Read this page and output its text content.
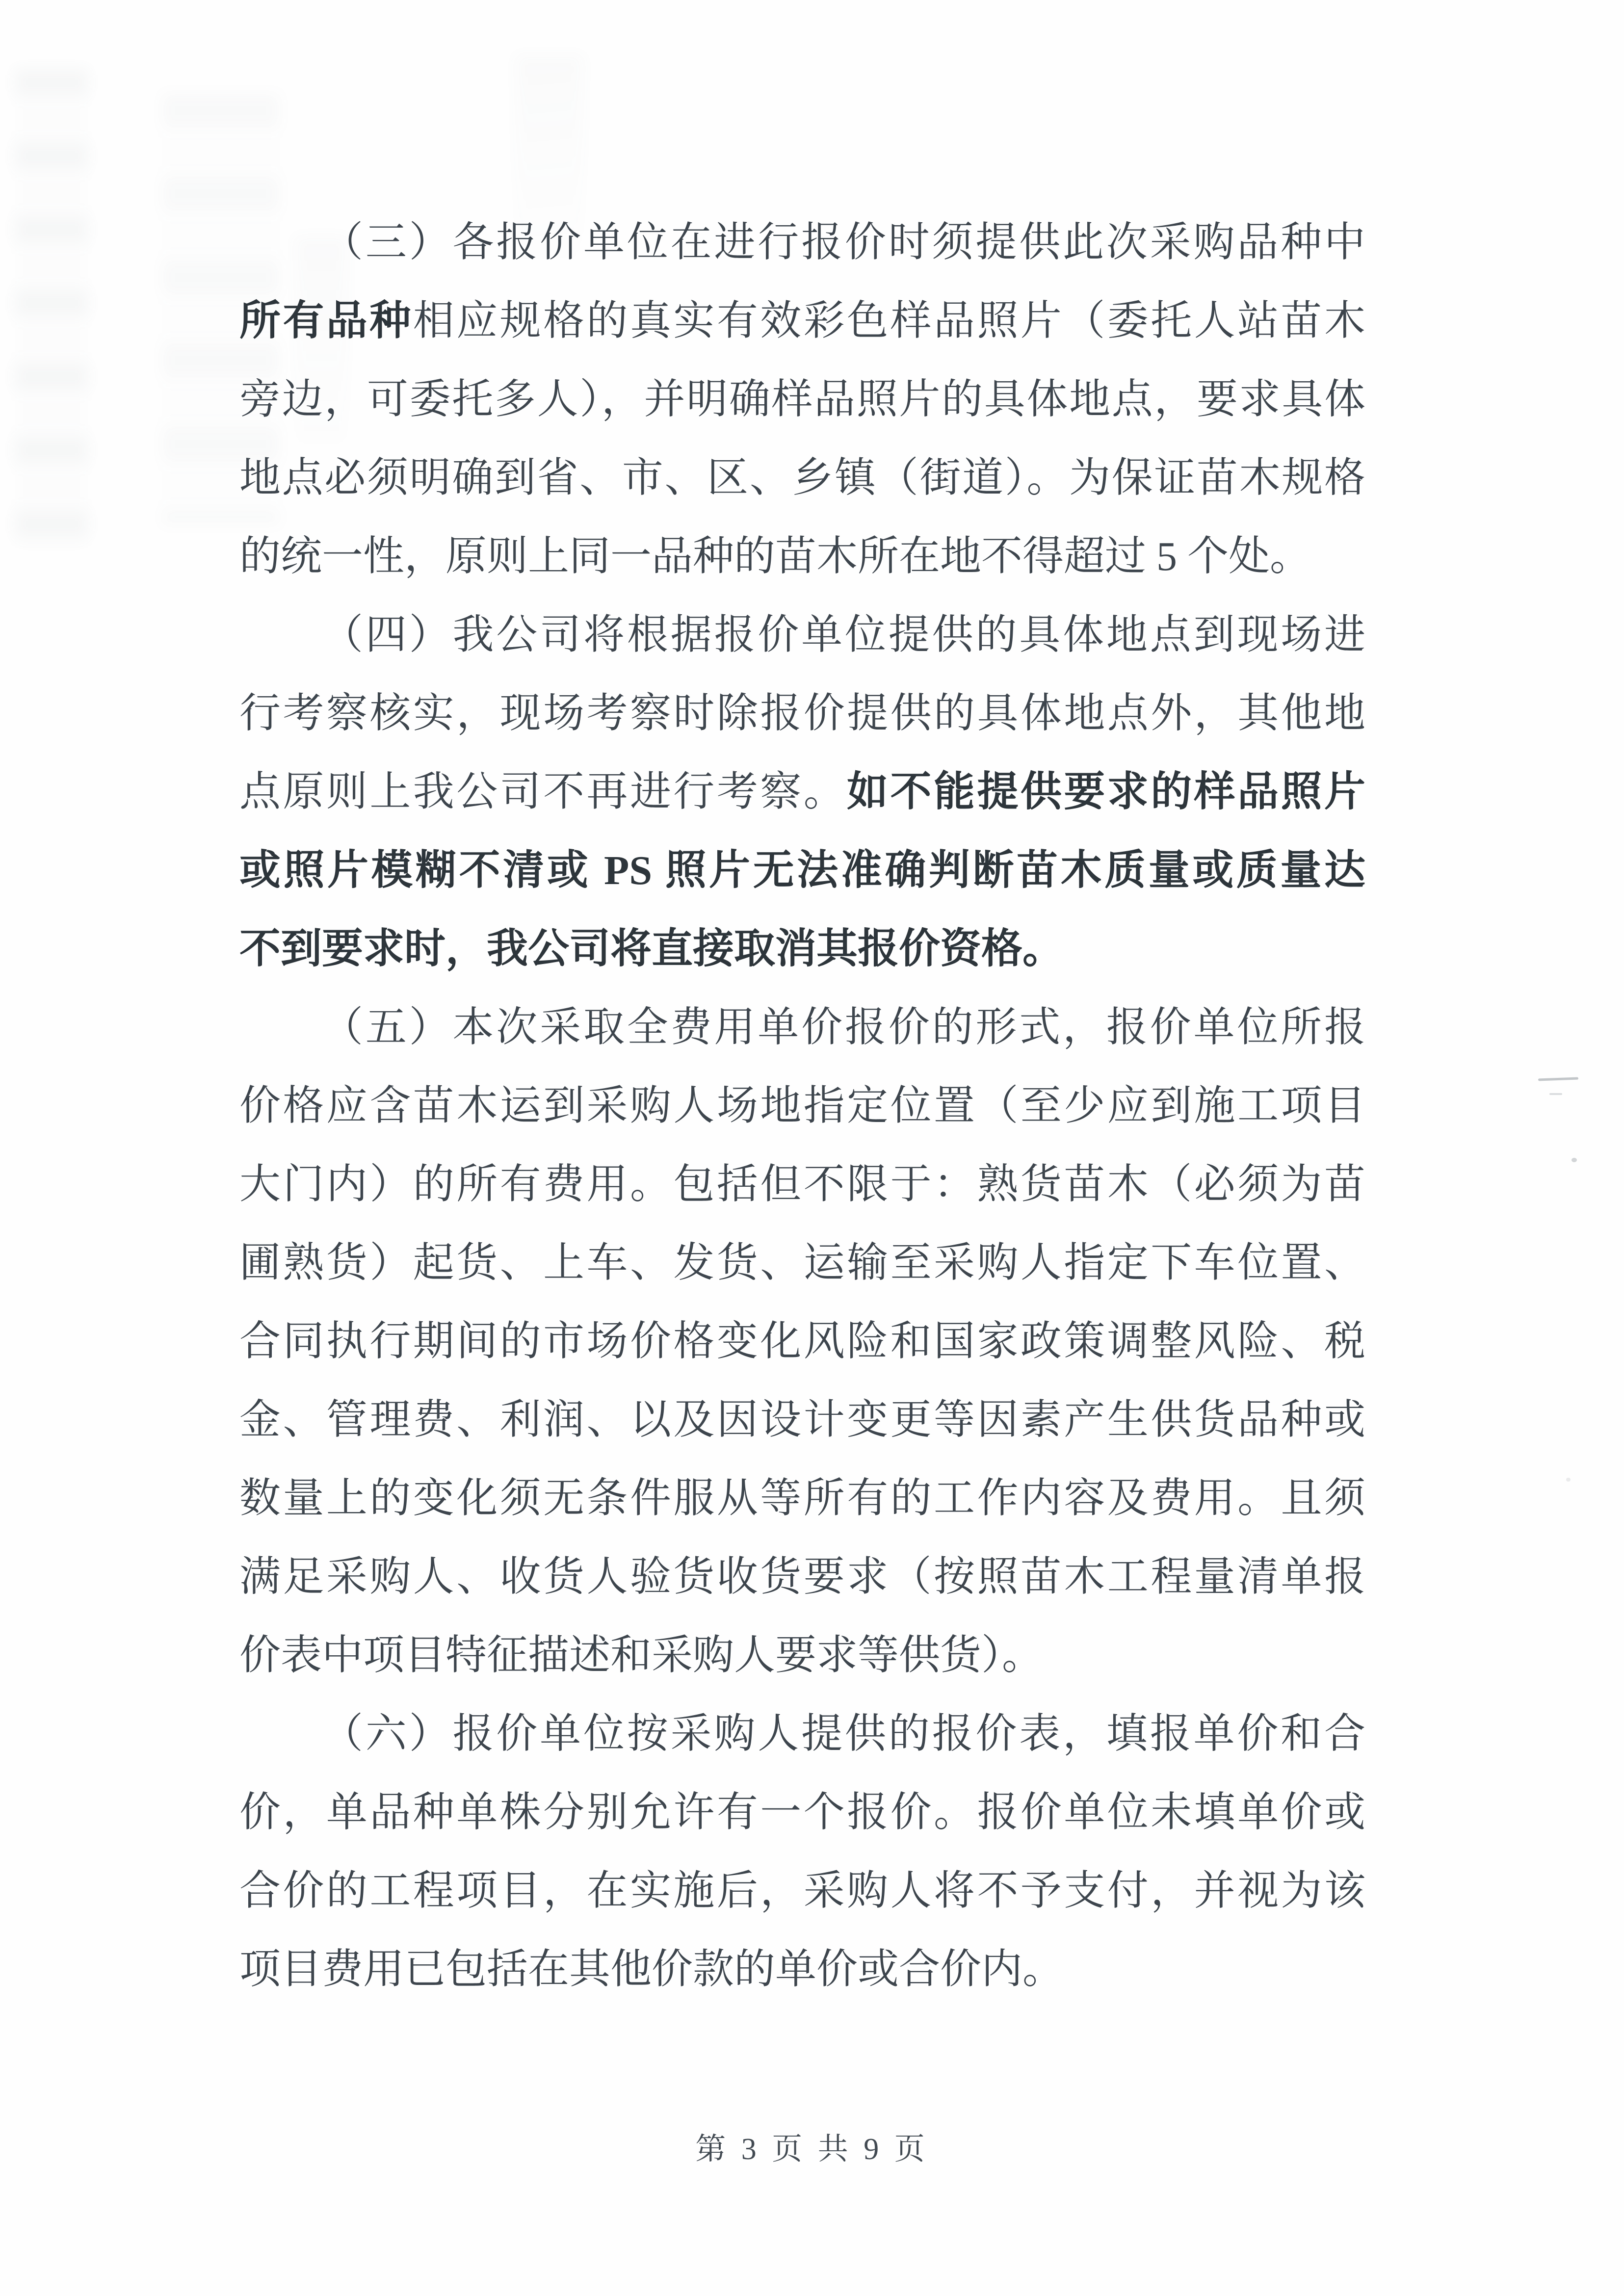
（三）各报价单位在进行报价时须提供此次采购品种中
所有品种相应规格的真实有效彩色样品照片（委托人站苗木
旁边，可委托多人），并明确样品照片的具体地点，要求具体
地点必须明确到省、市、区、乡镇（街道）。为保证苗木规格
的统一性，原则上同一品种的苗木所在地不得超过 5 个处。
（四）我公司将根据报价单位提供的具体地点到现场进
行考察核实，现场考察时除报价提供的具体地点外，其他地
点原则上我公司不再进行考察。如不能提供要求的样品照片
或照片模糊不清或 PS 照片无法准确判断苗木质量或质量达
不到要求时，我公司将直接取消其报价资格。
（五）本次采取全费用单价报价的形式，报价单位所报
价格应含苗木运到采购人场地指定位置（至少应到施工项目
大门内）的所有费用。包括但不限于：熟货苗木（必须为苗
圃熟货）起货、上车、发货、运输至采购人指定下车位置、
合同执行期间的市场价格变化风险和国家政策调整风险、税
金、管理费、利润、以及因设计变更等因素产生供货品种或
数量上的变化须无条件服从等所有的工作内容及费用。且须
满足采购人、收货人验货收货要求（按照苗木工程量清单报
价表中项目特征描述和采购人要求等供货）。
（六）报价单位按采购人提供的报价表，填报单价和合
价，单品种单株分别允许有一个报价。报价单位未填单价或
合价的工程项目，在实施后，采购人将不予支付，并视为该
项目费用已包括在其他价款的单价或合价内。
第 3 页 共 9 页
